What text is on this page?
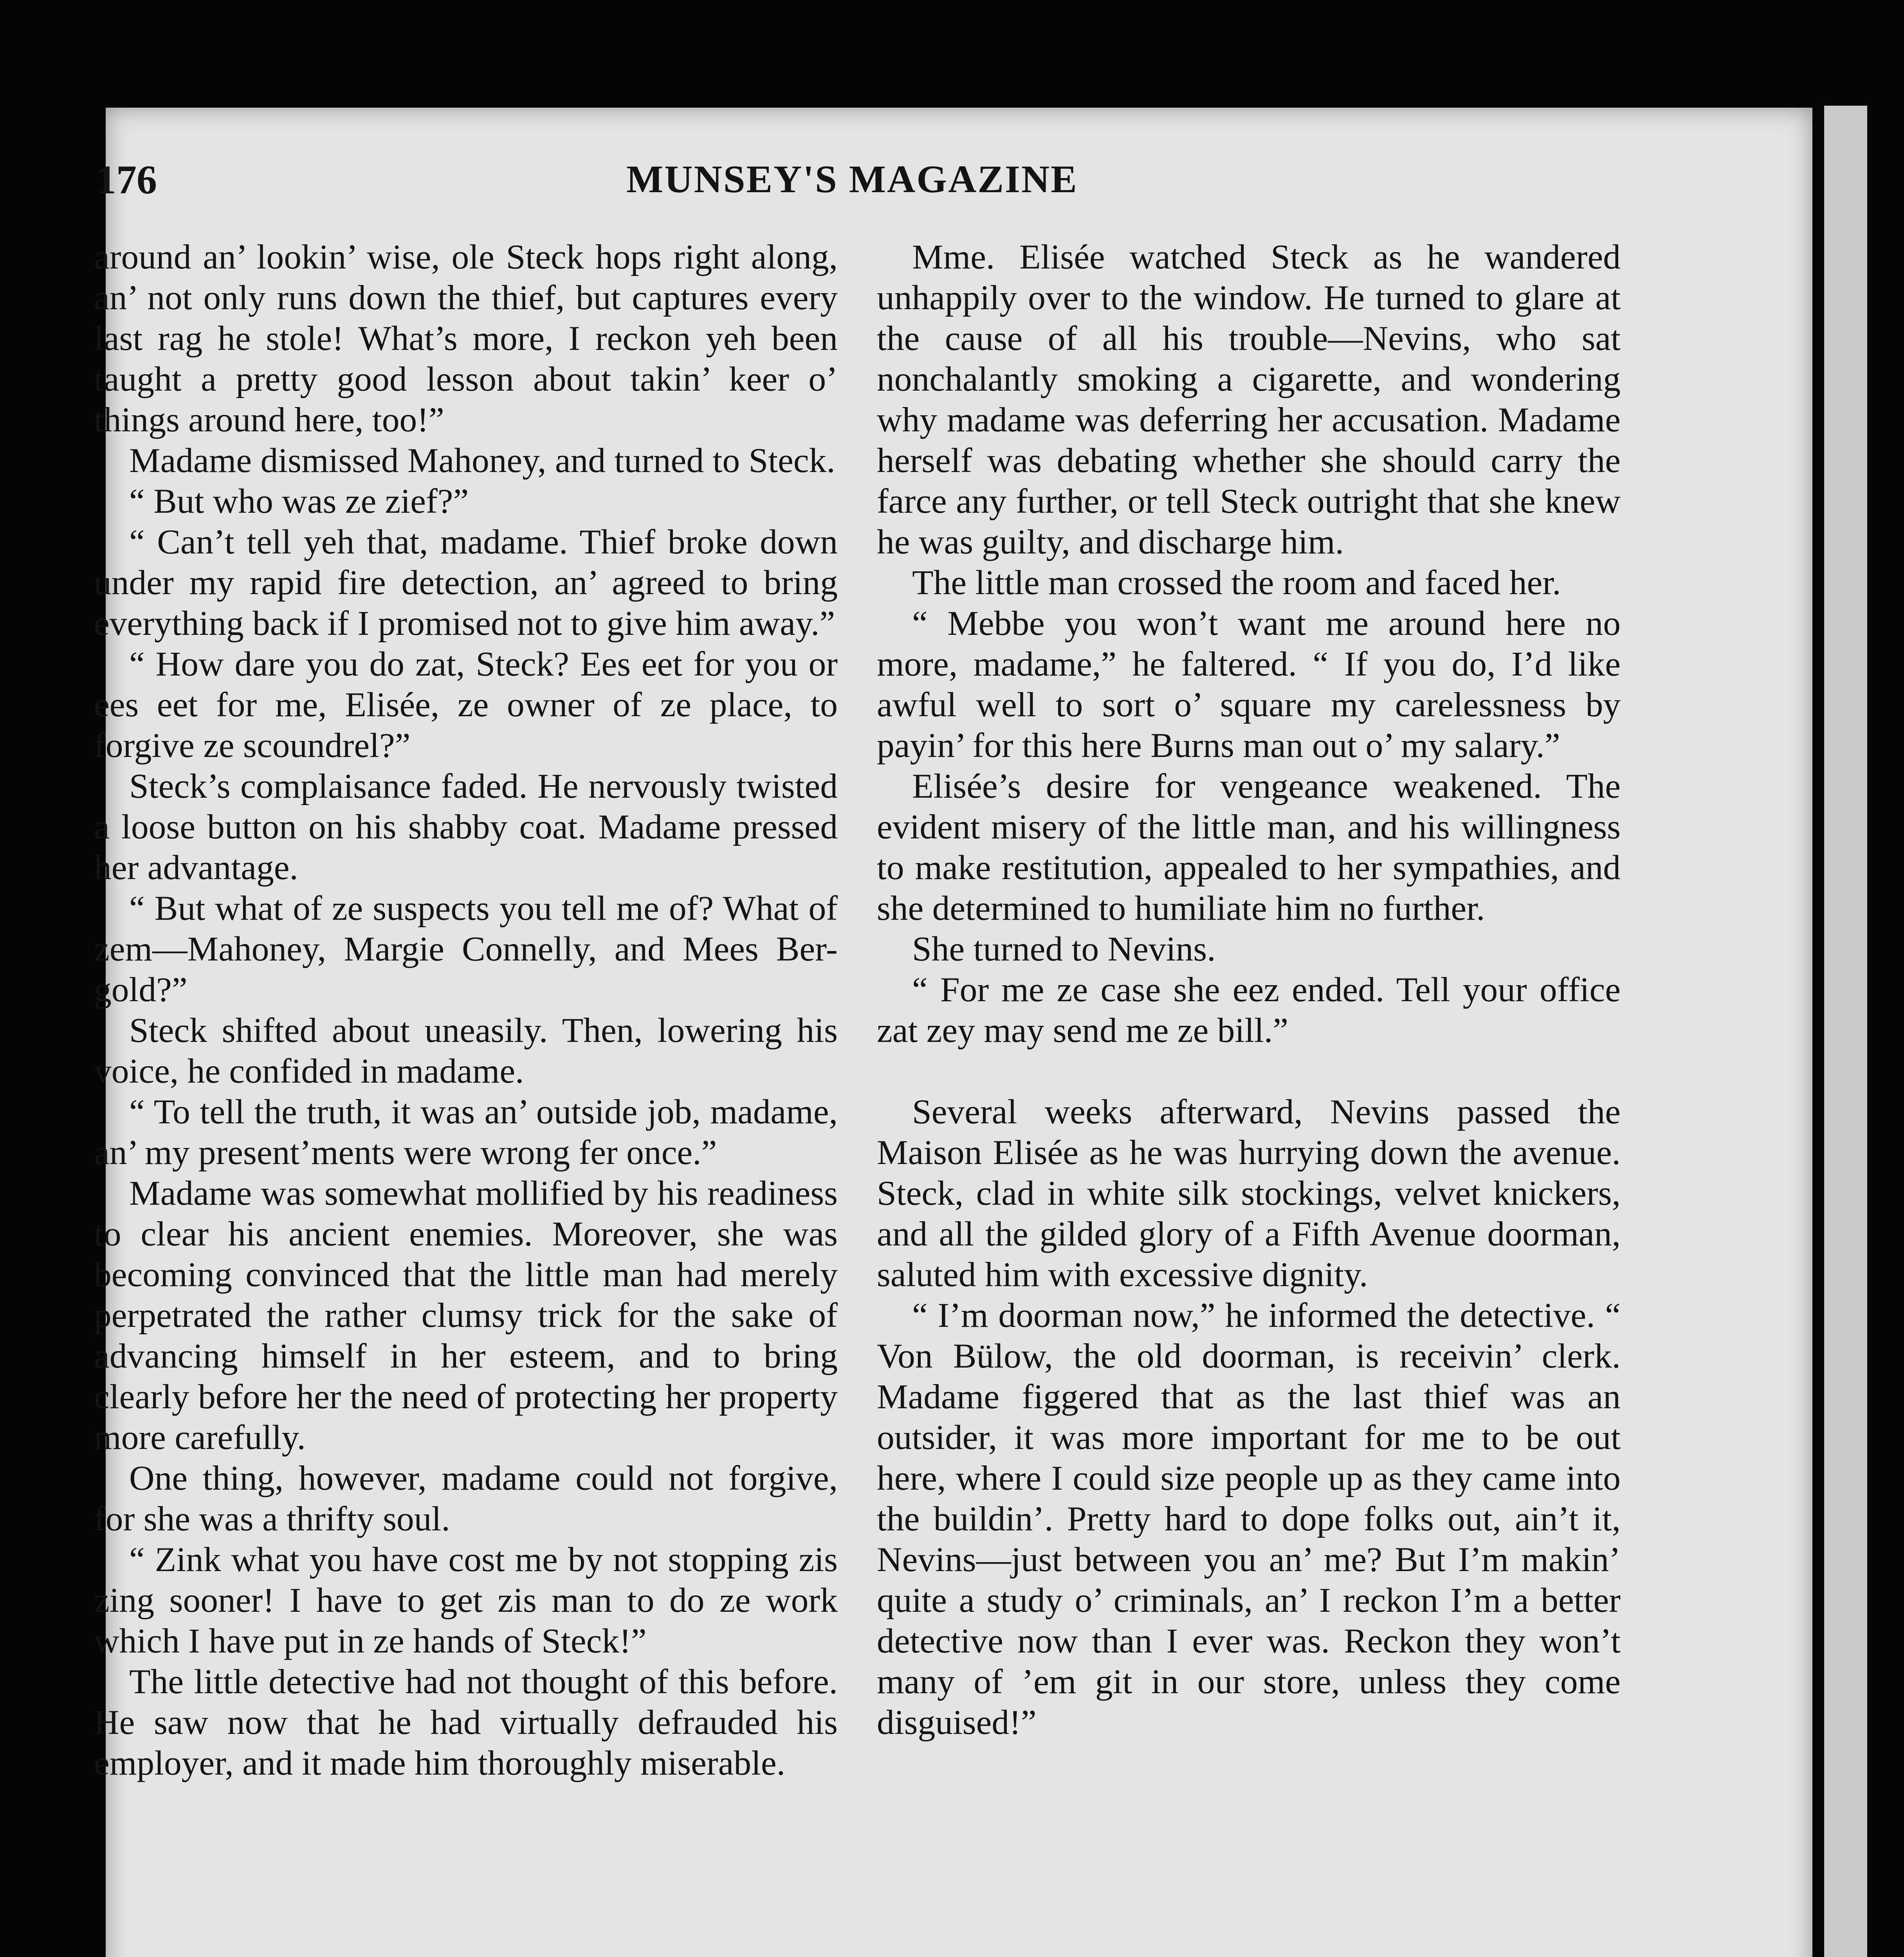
176	MUNSEY'S MAGAZINE

around an’ lookin’ wise, ole Steck hops right along, an’ not only runs down the thief, but captures every last rag he stole! What’s more, I reckon yeh been taught a pretty good lesson about takin’ keer o’ things around here, too!”

Madame dismissed Mahoney, and turned to Steck.

“ But who was ze zief?”

“ Can’t tell yeh that, madame. Thief broke down under my rapid fire detection, an’ agreed to bring everything back if I promised not to give him away.”

“ How dare you do zat, Steck? Ees eet for you or ees eet for me, Elisée, ze owner of ze place, to forgive ze scoundrel?”

Steck’s complaisance faded. He nervously twisted a loose button on his shabby coat. Madame pressed her advantage.

“ But what of ze suspects you tell me of? What of zem—Mahoney, Margie Connelly, and Mees Ber-gold?”

Steck shifted about uneasily. Then, lowering his voice, he confided in madame.

“ To tell the truth, it was an’ outside job, madame, an’ my present’ments were wrong fer once.”

Madame was somewhat mollified by his readiness to clear his ancient enemies. Moreover, she was becoming convinced that the little man had merely perpetrated the rather clumsy trick for the sake of advancing himself in her esteem, and to bring clearly before her the need of protecting her property more carefully.

One thing, however, madame could not forgive, for she was a thrifty soul.

“ Zink what you have cost me by not stopping zis zing sooner! I have to get zis man to do ze work which I have put in ze hands of Steck!”

The little detective had not thought of this before. He saw now that he had virtually defrauded his employer, and it made him thoroughly miserable.

Mme. Elisée watched Steck as he wandered unhappily over to the window. He turned to glare at the cause of all his trouble—Nevins, who sat nonchalantly smoking a cigarette, and wondering why madame was deferring her accusation. Madame herself was debating whether she should carry the farce any further, or tell Steck outright that she knew he was guilty, and discharge him.

The little man crossed the room and faced her.

“ Mebbe you won’t want me around here no more, madame,” he faltered. “ If you do, I’d like awful well to sort o’ square my carelessness by payin’ for this here Burns man out o’ my salary.”

Elisée’s desire for vengeance weakened. The evident misery of the little man, and his willingness to make restitution, appealed to her sympathies, and she determined to humiliate him no further.

She turned to Nevins.

“ For me ze case she eez ended. Tell your office zat zey may send me ze bill.”

Several weeks afterward, Nevins passed the Maison Elisée as he was hurrying down the avenue. Steck, clad in white silk stockings, velvet knickers, and all the gilded glory of a Fifth Avenue doorman, saluted him with excessive dignity.

“ I’m doorman now,” he informed the detective. “ Von Bülow, the old doorman, is receivin’ clerk. Madame figgered that as the last thief was an outsider, it was more important for me to be out here, where I could size people up as they came into the buildin’. Pretty hard to dope folks out, ain’t it, Nevins—just between you an’ me? But I’m makin’ quite a study o’ criminals, an’ I reckon I’m a better detective now than I ever was. Reckon they won’t many of ’em git in our store, unless they come disguised!”
